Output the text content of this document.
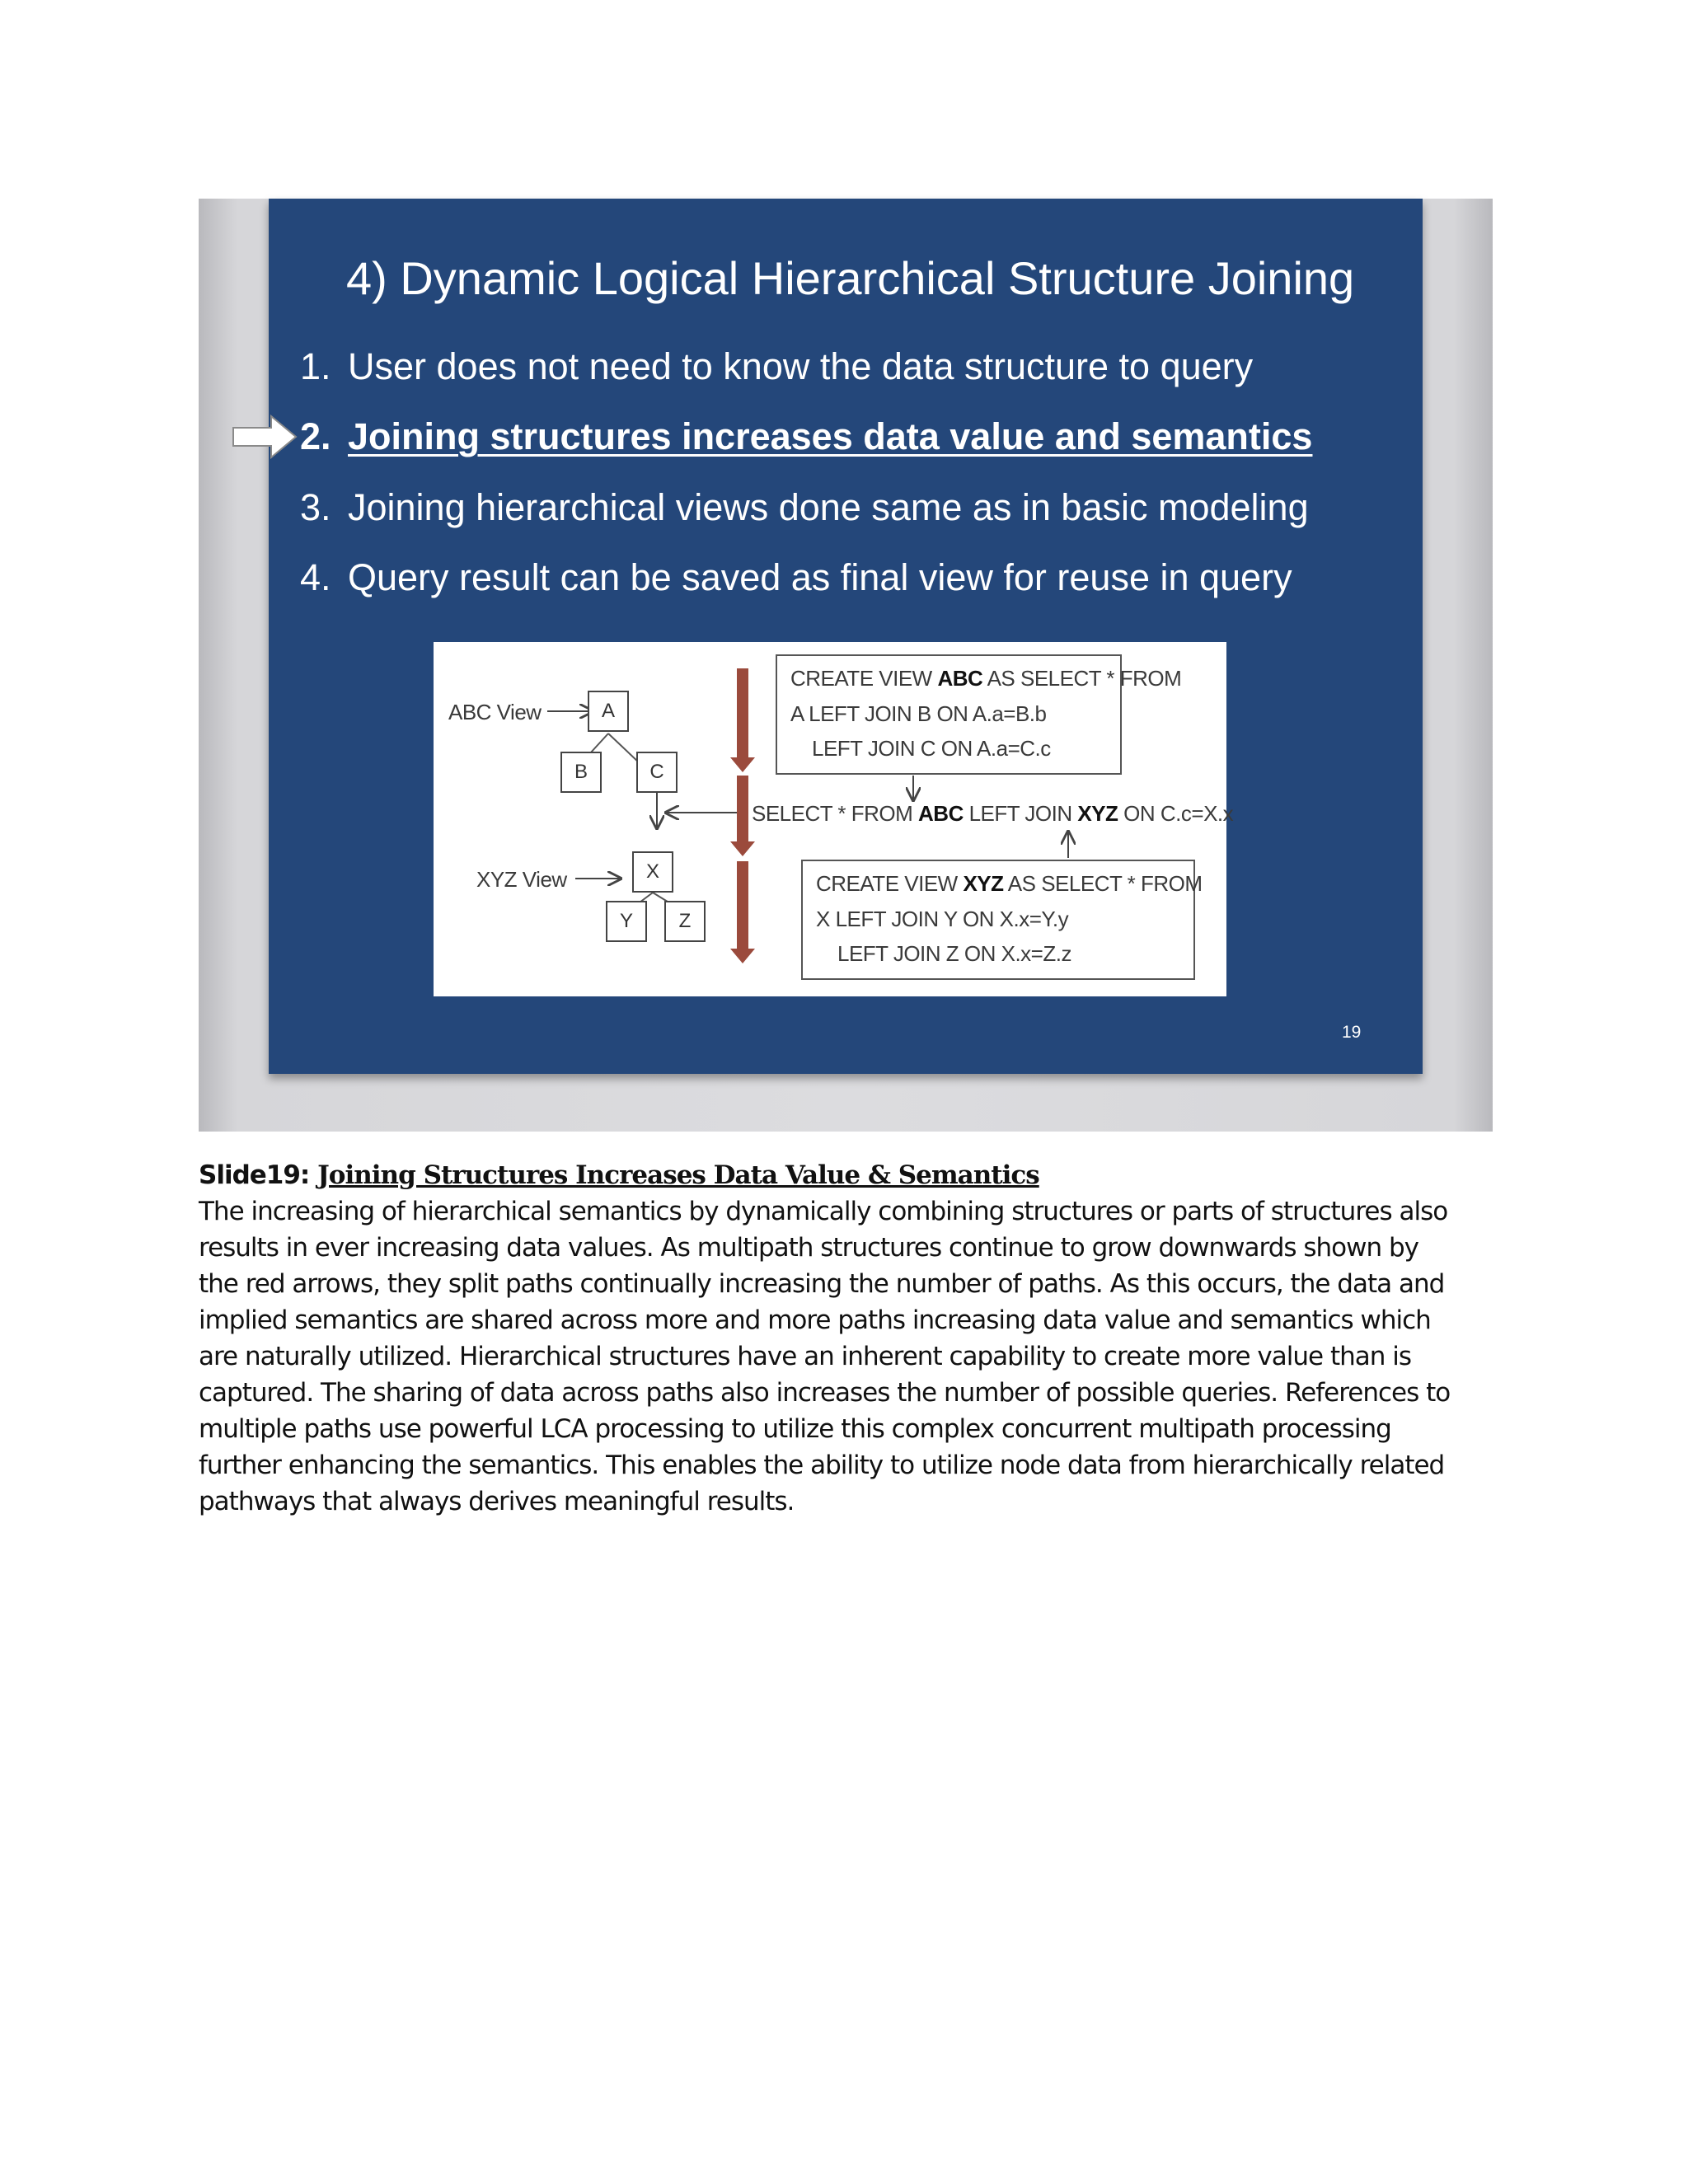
4) Dynamic Logical Hierarchical Structure Joining
1. User does not need to know the data structure to query
2. Joining structures increases data value and semantics
3. Joining hierarchical views done same as in basic modeling
4. Query result can be saved as final view for reuse in query
ABC View
XYZ View
A
B	C
X
Y	Z
CREATE VIEW ABC AS SELECT * FROM
A LEFT JOIN B ON A.a=B.b
LEFT JOIN C ON A.a=C.c
SELECT * FROM ABC LEFT JOIN XYZ ON C.c=X.x
CREATE VIEW XYZ AS SELECT * FROM
X LEFT JOIN Y ON X.x=Y.y
LEFT JOIN Z ON X.x=Z.z
19
Slide19: Joining Structures Increases Data Value & Semantics
The increasing of hierarchical semantics by dynamically combining structures or parts of structures also
results in ever increasing data values. As multipath structures continue to grow downwards shown by
the red arrows, they split paths continually increasing the number of paths. As this occurs, the data and
implied semantics are shared across more and more paths increasing data value and semantics which
are naturally utilized. Hierarchical structures have an inherent capability to create more value than is
captured. The sharing of data across paths also increases the number of possible queries. References to
multiple paths use powerful LCA processing to utilize this complex concurrent multipath processing
further enhancing the semantics. This enables the ability to utilize node data from hierarchically related
pathways that always derives meaningful results.
